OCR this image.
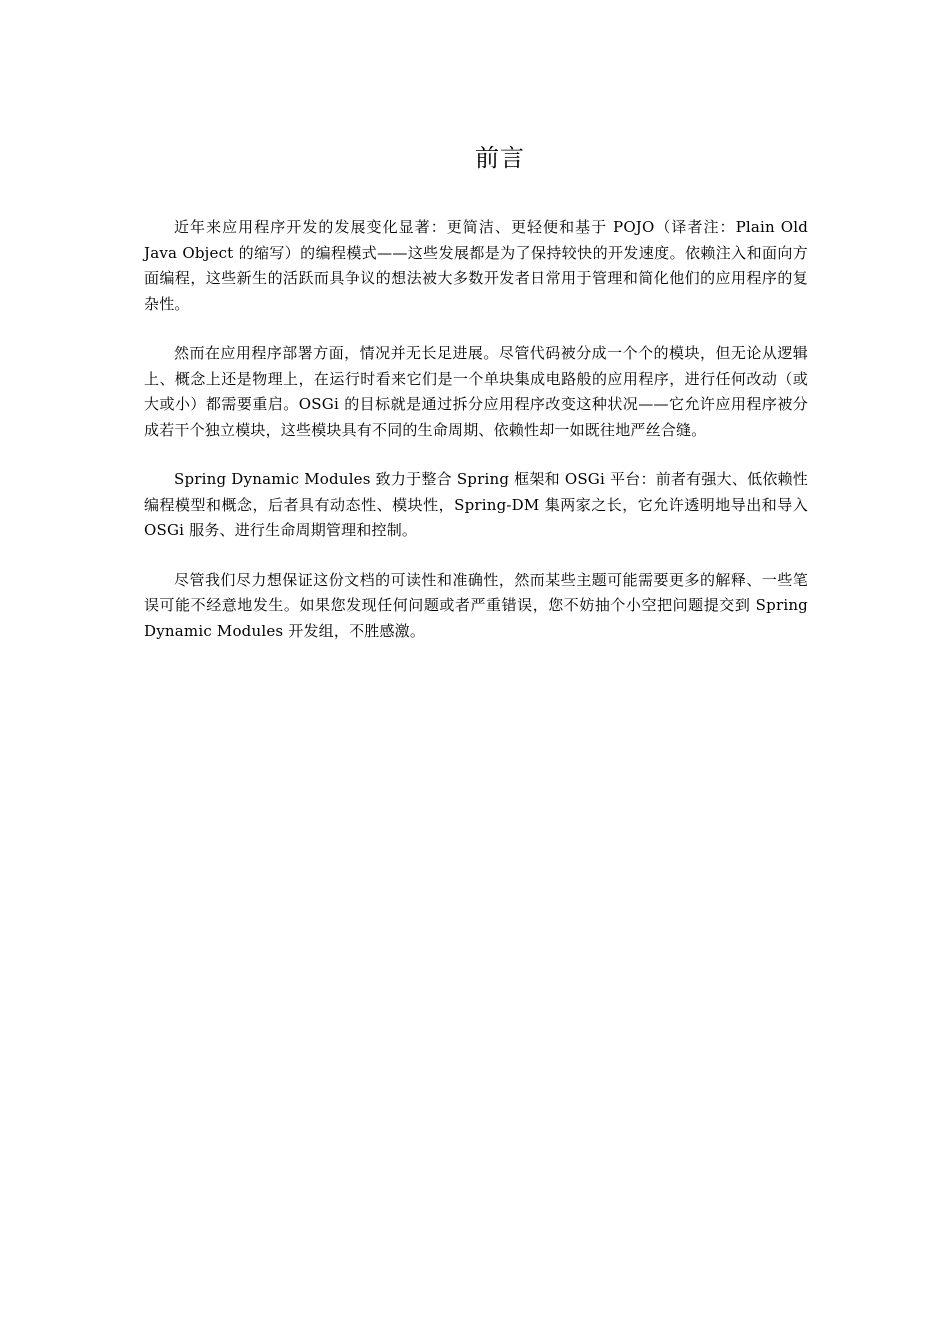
前言

近年来应用程序开发的发展变化显著：更简洁、更轻便和基于 POJO（译者注：Plain Old Java Object 的缩写）的编程模式——这些发展都是为了保持较快的开发速度。依赖注入和面向方面编程，这些新生的活跃而具争议的想法被大多数开发者日常用于管理和简化他们的应用程序的复杂性。

然而在应用程序部署方面，情况并无长足进展。尽管代码被分成一个个的模块，但无论从逻辑上、概念上还是物理上，在运行时看来它们是一个单块集成电路般的应用程序，进行任何改动（或大或小）都需要重启。OSGi 的目标就是通过拆分应用程序改变这种状况——它允许应用程序被分成若干个独立模块，这些模块具有不同的生命周期、依赖性却一如既往地严丝合缝。

Spring Dynamic Modules 致力于整合 Spring 框架和 OSGi 平台：前者有强大、低依赖性编程模型和概念，后者具有动态性、模块性，Spring-DM 集两家之长，它允许透明地导出和导入 OSGi 服务、进行生命周期管理和控制。

尽管我们尽力想保证这份文档的可读性和准确性，然而某些主题可能需要更多的解释、一些笔误可能不经意地发生。如果您发现任何问题或者严重错误，您不妨抽个小空把问题提交到 Spring Dynamic Modules 开发组，不胜感激。
